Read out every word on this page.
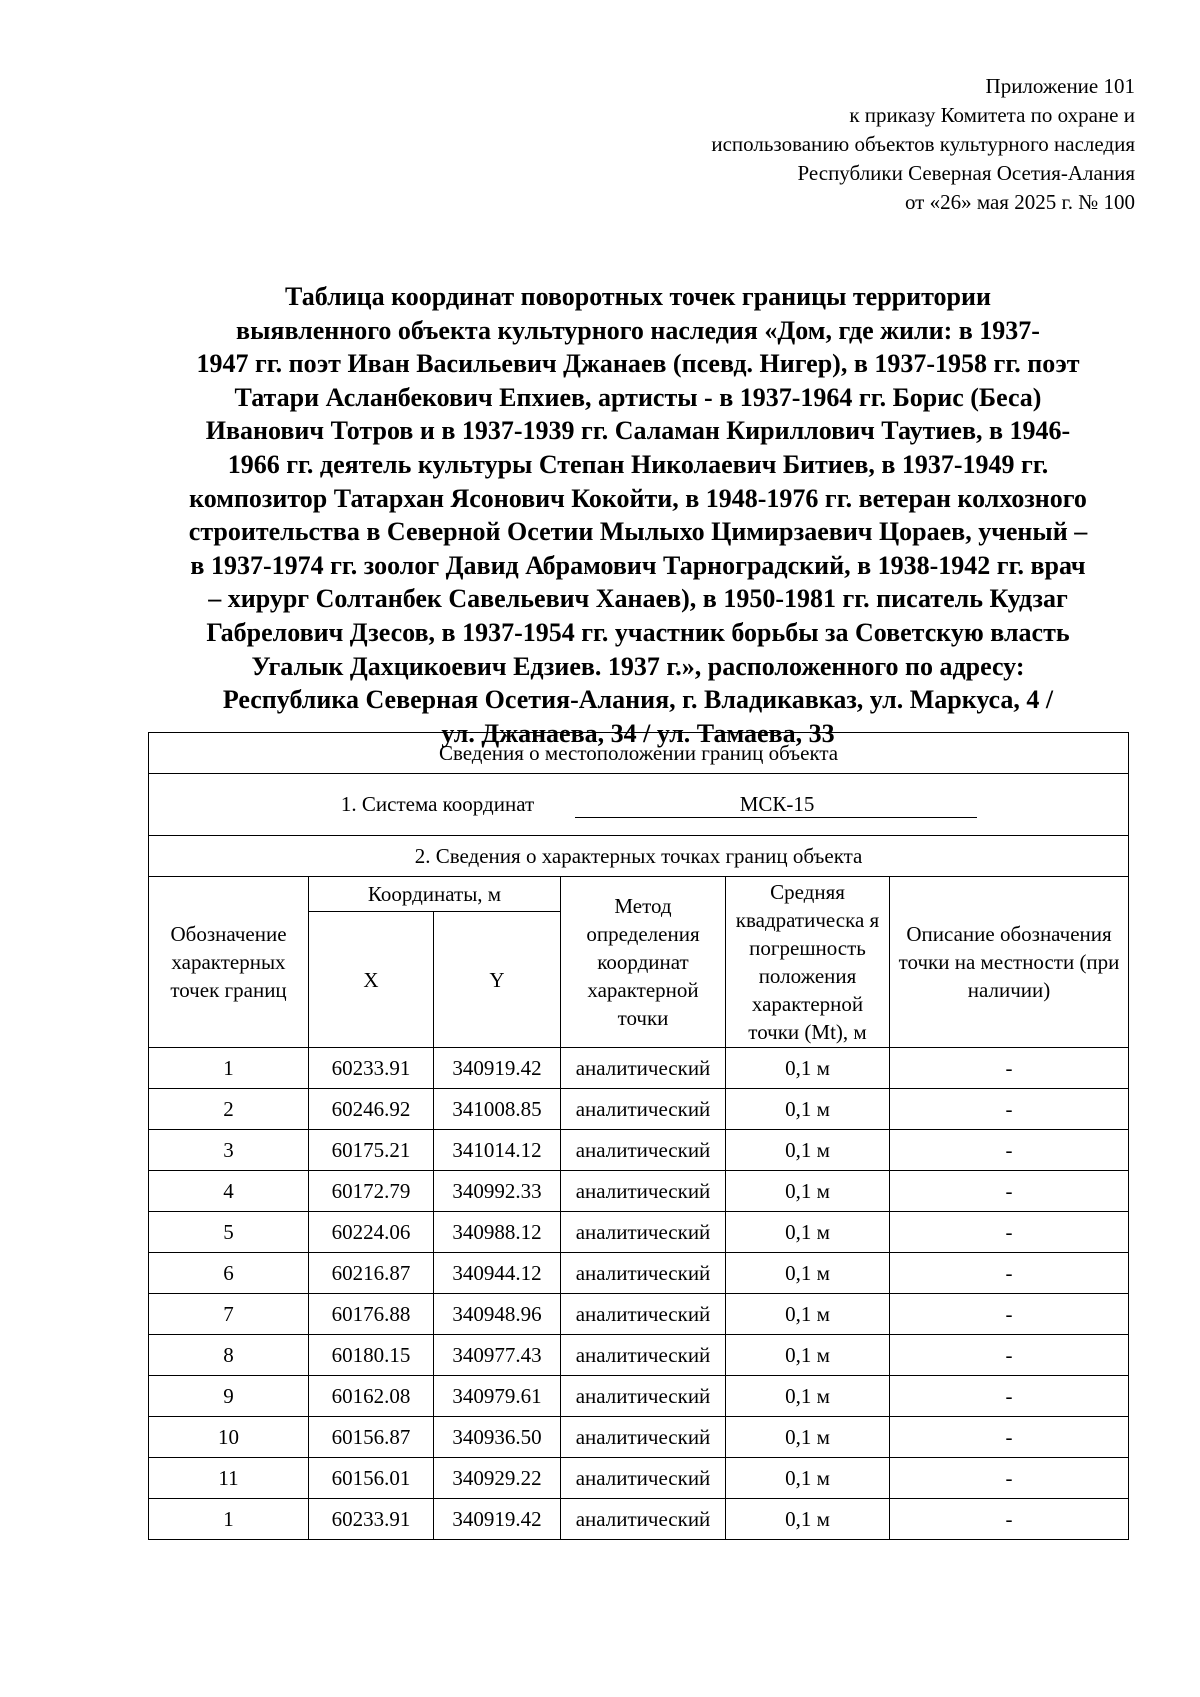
Приложение 101
к приказу Комитета по охране и
использованию объектов культурного наследия
Республики Северная Осетия-Алания
от «26» мая 2025 г. № 100
Таблица координат поворотных точек границы территории
выявленного объекта культурного наследия «Дом, где жили: в 1937-
1947 гг. поэт Иван Васильевич Джанаев (псевд. Нигер), в 1937-1958 гг. поэт
Татари Асланбекович Епхиев, артисты - в 1937-1964 гг. Борис (Беса)
Иванович Тотров и в 1937-1939 гг. Саламан Кириллович Таутиев, в 1946-
1966 гг. деятель культуры Степан Николаевич Битиев, в 1937-1949 гг.
композитор Татархан Ясонович Кокойти, в 1948-1976 гг. ветеран колхозного
строительства в Северной Осетии Мылыхо Цимирзаевич Цораев, ученый –
в 1937-1974 гг. зоолог Давид Абрамович Тарноградский, в 1938-1942 гг. врач
– хирург Солтанбек Савельевич Ханаев), в 1950-1981 гг. писатель Кудзаг
Габрелович Дзесов, в 1937-1954 гг. участник борьбы за Советскую власть
Угалык Дахцикоевич Едзиев. 1937 г.», расположенного по адресу:
Республика Северная Осетия-Алания, г. Владикавказ, ул. Маркуса, 4 /
ул. Джанаева, 34 / ул. Тамаева, 33
Сведения о местоположении границ объекта					
1. Система координат МСК-15					
2. Сведения о характерных точках границ объекта					
Обозначение характерных точек границ	Координаты, м		Метод определения координат характерной точки	Средняя квадратическа я погрешность положения характерной точки (Mt), м	Описание обозначения точки на местности (при наличии)
	X	Y			
1	60233.91	340919.42	аналитический	0,1 м	-
2	60246.92	341008.85	аналитический	0,1 м	-
3	60175.21	341014.12	аналитический	0,1 м	-
4	60172.79	340992.33	аналитический	0,1 м	-
5	60224.06	340988.12	аналитический	0,1 м	-
6	60216.87	340944.12	аналитический	0,1 м	-
7	60176.88	340948.96	аналитический	0,1 м	-
8	60180.15	340977.43	аналитический	0,1 м	-
9	60162.08	340979.61	аналитический	0,1 м	-
10	60156.87	340936.50	аналитический	0,1 м	-
11	60156.01	340929.22	аналитический	0,1 м	-
1	60233.91	340919.42	аналитический	0,1 м	-
